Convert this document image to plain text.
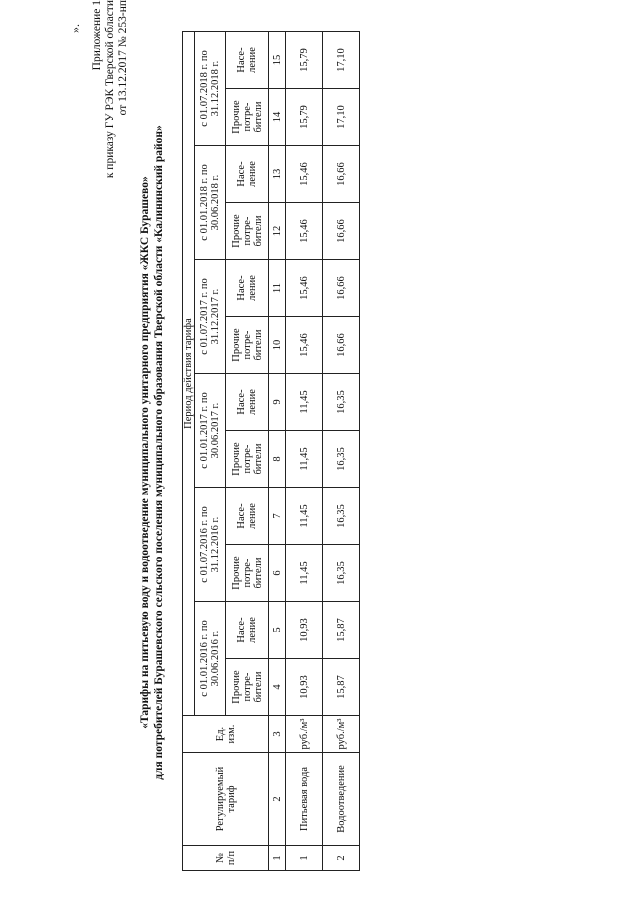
Приложение 1 к приказу ГУ РЭК Тверской области от 13.12.2017 № 253-нп
«Тарифы на питьевую воду и водоотведение муниципального унитарного предприятия «ЖКС Бурашево» для потребителей Бурашевского сельского поселения муниципального образования Тверской области «Калининский район»
№ п/п	Регулируемый тариф	Ед. изм.	Период действия тарифа											
			с 01.01.2016 г. по 30.06.2016 г.		с 01.07.2016 г. по 31.12.2016 г.		с 01.01.2017 г. по 30.06.2017 г.		с 01.07.2017 г. по 31.12.2017 г.		с 01.01.2018 г. по 30.06.2018 г.		с 01.07.2018 г. по 31.12.2018 г.	
			Прочие потре- бители	Насе- ление	Прочие потре- бители	Насе- ление	Прочие потре- бители	Насе- ление	Прочие потре- бители	Насе- ление	Прочие потре- бители	Насе- ление	Прочие потре- бители	Насе- ление
1	2	3	4	5	6	7	8	9	10	11	12	13	14	15
1	Питьевая вода	руб./м³	10,93	10,93	11,45	11,45	11,45	11,45	15,46	15,46	15,46	15,46	15,79	15,79
2	Водоотведение	руб./м³	15,87	15,87	16,35	16,35	16,35	16,35	16,66	16,66	16,66	16,66	17,10	17,10
».
